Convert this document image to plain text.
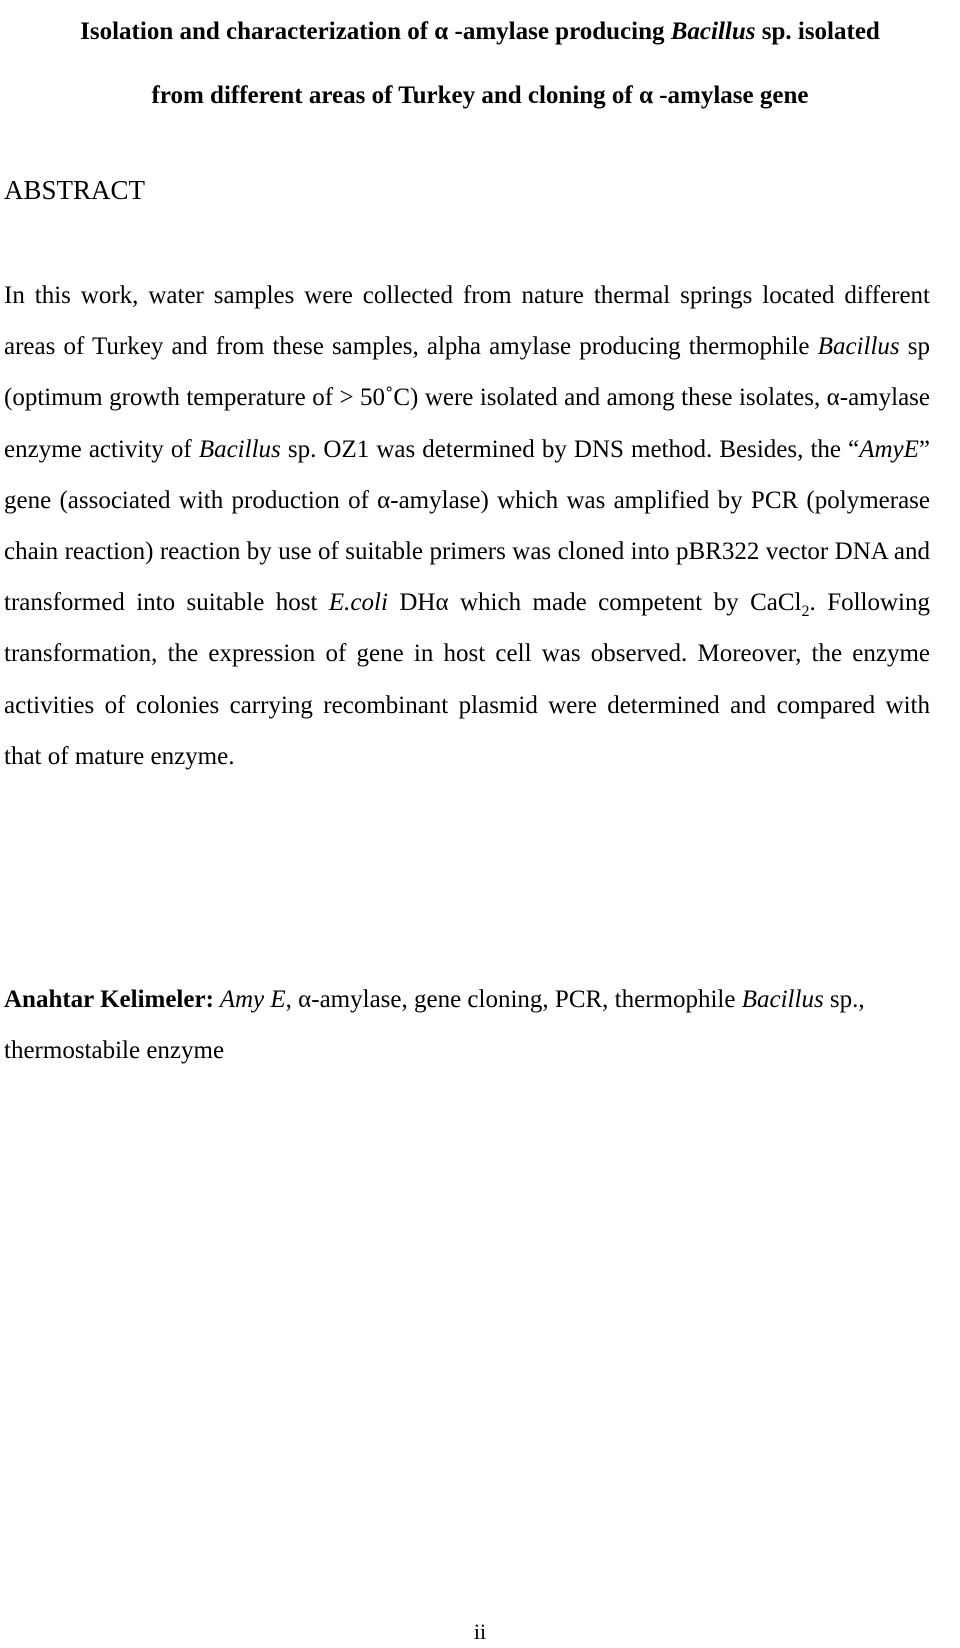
Isolation and characterization of α -amylase producing Bacillus sp. isolated
from different areas of Turkey and cloning of α -amylase gene
ABSTRACT

In this work, water samples were collected from nature thermal springs located different areas of Turkey and from these samples, alpha amylase producing thermophile Bacillus sp (optimum growth temperature of > 50˚C) were isolated and among these isolates, α-amylase enzyme activity of Bacillus sp. OZ1 was determined by DNS method. Besides, the “AmyE” gene (associated with production of α-amylase) which was amplified by PCR (polymerase chain reaction) reaction by use of suitable primers was cloned into pBR322 vector DNA and transformed into suitable host E.coli DHα which made competent by CaCl$_2$. Following transformation, the expression of gene in host cell was observed. Moreover, the enzyme activities of colonies carrying recombinant plasmid were determined and compared with that of mature enzyme.

Anahtar Kelimeler: Amy E, α-amylase, gene cloning, PCR, thermophile Bacillus sp., thermostabile enzyme
ii
